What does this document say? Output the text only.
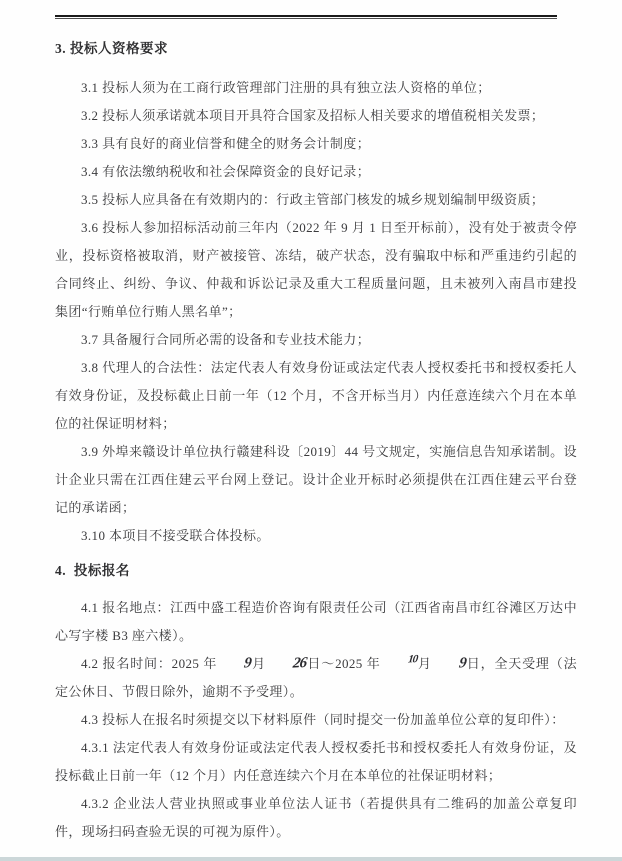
3. 投标人资格要求

3.1 投标人须为在工商行政管理部门注册的具有独立法人资格的单位；

3.2 投标人须承诺就本项目开具符合国家及招标人相关要求的增值税相关发票；

3.3 具有良好的商业信誉和健全的财务会计制度；

3.4 有依法缴纳税收和社会保障资金的良好记录；

3.5 投标人应具备在有效期内的：行政主管部门核发的城乡规划编制甲级资质；

3.6 投标人参加招标活动前三年内（2022 年 9 月 1 日至开标前），没有处于被责令停业，投标资格被取消，财产被接管、冻结，破产状态，没有骗取中标和严重违约引起的合同终止、纠纷、争议、仲裁和诉讼记录及重大工程质量问题，且未被列入南昌市建投集团“行贿单位行贿人黑名单”；

3.7 具备履行合同所必需的设备和专业技术能力；

3.8 代理人的合法性：法定代表人有效身份证或法定代表人授权委托书和授权委托人有效身份证，及投标截止日前一年（12 个月，不含开标当月）内任意连续六个月在本单位的社保证明材料；

3.9 外埠来赣设计单位执行赣建科设〔2019〕44 号文规定，实施信息告知承诺制。设计企业只需在江西住建云平台网上登记。设计企业开标时必须提供在江西住建云平台登记的承诺函；

3.10 本项目不接受联合体投标。

4.  投标报名

4.1 报名地点：江西中盛工程造价咨询有限责任公司（江西省南昌市红谷滩区万达中心写字楼 B3 座六楼）。

4.2 报名时间：2025 年 9月 26日～2025 年 10月 9日，全天受理（法定公休日、节假日除外，逾期不予受理）。

4.3 投标人在报名时须提交以下材料原件（同时提交一份加盖单位公章的复印件）：

4.3.1 法定代表人有效身份证或法定代表人授权委托书和授权委托人有效身份证，及投标截止日前一年（12 个月）内任意连续六个月在本单位的社保证明材料；

4.3.2 企业法人营业执照或事业单位法人证书（若提供具有二维码的加盖公章复印件，现场扫码查验无误的可视为原件）。
